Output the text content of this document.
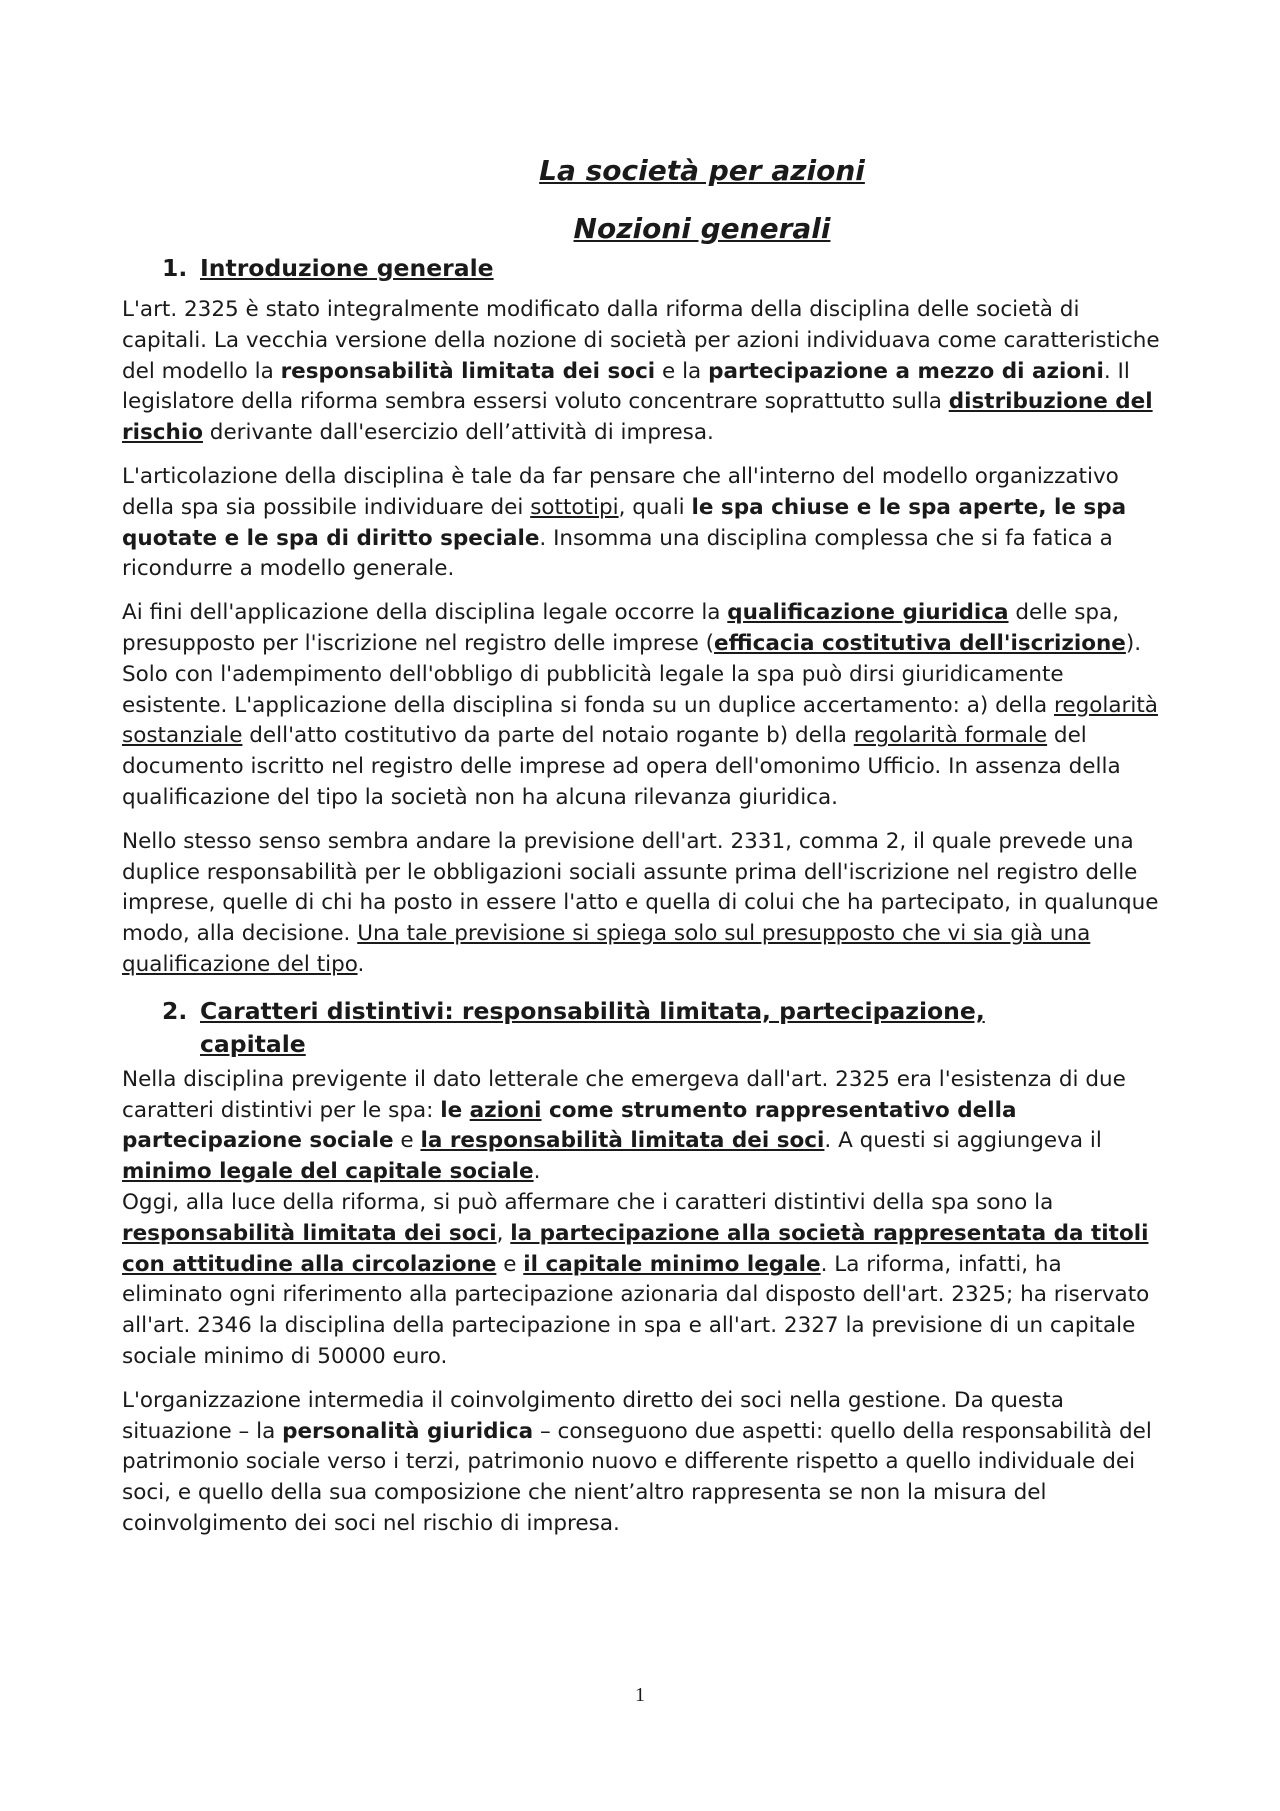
La società per azioni
Nozioni generali
1. Introduzione generale

L'art. 2325 è stato integralmente modificato dalla riforma della disciplina delle società di capitali. La vecchia versione della nozione di società per azioni individuava come caratteristiche del modello la responsabilità limitata dei soci e la partecipazione a mezzo di azioni. Il legislatore della riforma sembra essersi voluto concentrare soprattutto sulla distribuzione del rischio derivante dall'esercizio dell’attività di impresa.

L'articolazione della disciplina è tale da far pensare che all'interno del modello organizzativo della spa sia possibile individuare dei sottotipi, quali le spa chiuse e le spa aperte, le spa quotate e le spa di diritto speciale. Insomma una disciplina complessa che si fa fatica a ricondurre a modello generale.

Ai fini dell'applicazione della disciplina legale occorre la qualificazione giuridica delle spa, presupposto per l'iscrizione nel registro delle imprese (efficacia costitutiva dell'iscrizione). Solo con l'adempimento dell'obbligo di pubblicità legale la spa può dirsi giuridicamente esistente. L'applicazione della disciplina si fonda su un duplice accertamento: a) della regolarità sostanziale dell'atto costitutivo da parte del notaio rogante b) della regolarità formale del documento iscritto nel registro delle imprese ad opera dell'omonimo Ufficio. In assenza della qualificazione del tipo la società non ha alcuna rilevanza giuridica.

Nello stesso senso sembra andare la previsione dell'art. 2331, comma 2, il quale prevede una duplice responsabilità per le obbligazioni sociali assunte prima dell'iscrizione nel registro delle imprese, quelle di chi ha posto in essere l'atto e quella di colui che ha partecipato, in qualunque modo, alla decisione. Una tale previsione si spiega solo sul presupposto che vi sia già una qualificazione del tipo.

2. Caratteri distintivi: responsabilità limitata, partecipazione,
capitale

Nella disciplina previgente il dato letterale che emergeva dall'art. 2325 era l'esistenza di due caratteri distintivi per le spa: le azioni come strumento rappresentativo della partecipazione sociale e la responsabilità limitata dei soci. A questi si aggiungeva il minimo legale del capitale sociale.
Oggi, alla luce della riforma, si può affermare che i caratteri distintivi della spa sono la responsabilità limitata dei soci, la partecipazione alla società rappresentata da titoli con attitudine alla circolazione e il capitale minimo legale. La riforma, infatti, ha eliminato ogni riferimento alla partecipazione azionaria dal disposto dell'art. 2325; ha riservato all'art. 2346 la disciplina della partecipazione in spa e all'art. 2327 la previsione di un capitale sociale minimo di 50000 euro.

L'organizzazione intermedia il coinvolgimento diretto dei soci nella gestione. Da questa situazione – la personalità giuridica – conseguono due aspetti: quello della responsabilità del patrimonio sociale verso i terzi, patrimonio nuovo e differente rispetto a quello individuale dei soci, e quello della sua composizione che nient’altro rappresenta se non la misura del coinvolgimento dei soci nel rischio di impresa.

1
